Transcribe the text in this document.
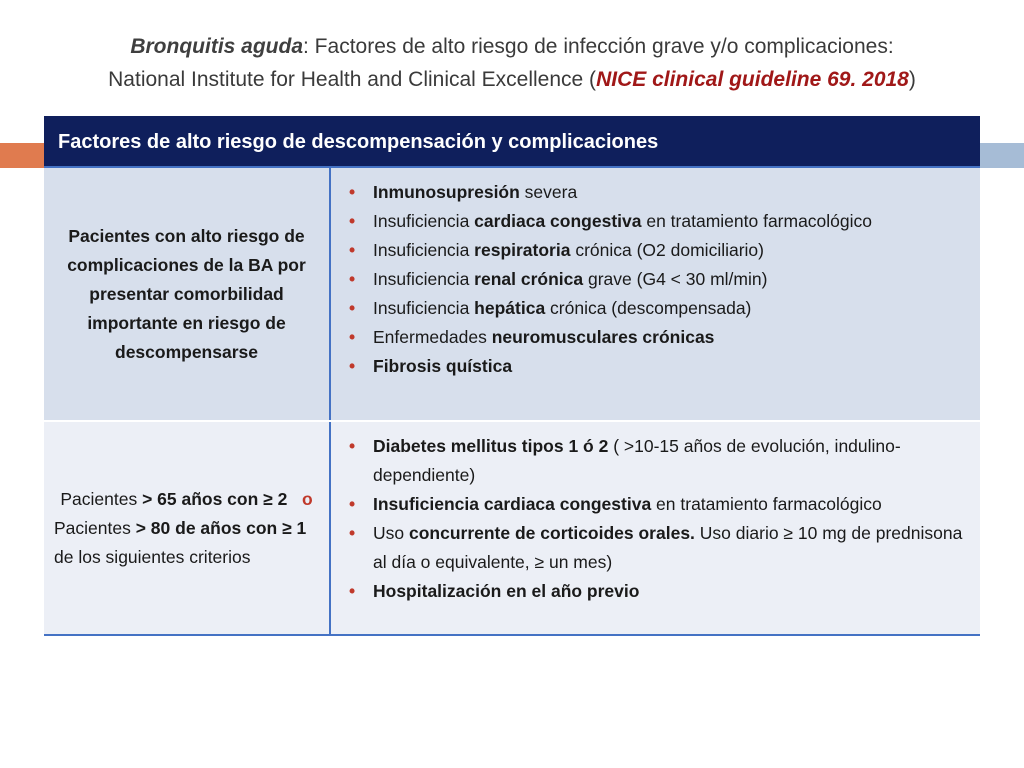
Bronquitis aguda: Factores de alto riesgo de infección grave y/o complicaciones:
National Institute for Health and Clinical Excellence (NICE clinical guideline 69. 2018)
Factores de alto riesgo de descompensación y complicaciones
Pacientes con alto riesgo de complicaciones de la BA por presentar comorbilidad importante en riesgo de descompensarse
• Inmunosupresión severa
• Insuficiencia cardiaca congestiva en tratamiento farmacológico
• Insuficiencia respiratoria crónica (O2 domiciliario)
• Insuficiencia renal crónica grave (G4 < 30 ml/min)
• Insuficiencia hepática crónica (descompensada)
• Enfermedades neuromusculares crónicas
• Fibrosis quística
Pacientes > 65 años con ≥ 2 o
Pacientes > 80 de años con ≥ 1 de los siguientes criterios
• Diabetes mellitus tipos 1 ó 2 ( >10-15 años de evolución, indulino-dependiente)
• Insuficiencia cardiaca congestiva en tratamiento farmacológico
• Uso concurrente de corticoides orales. Uso diario ≥ 10 mg de prednisona al día o equivalente, ≥ un mes)
• Hospitalización en el año previo
